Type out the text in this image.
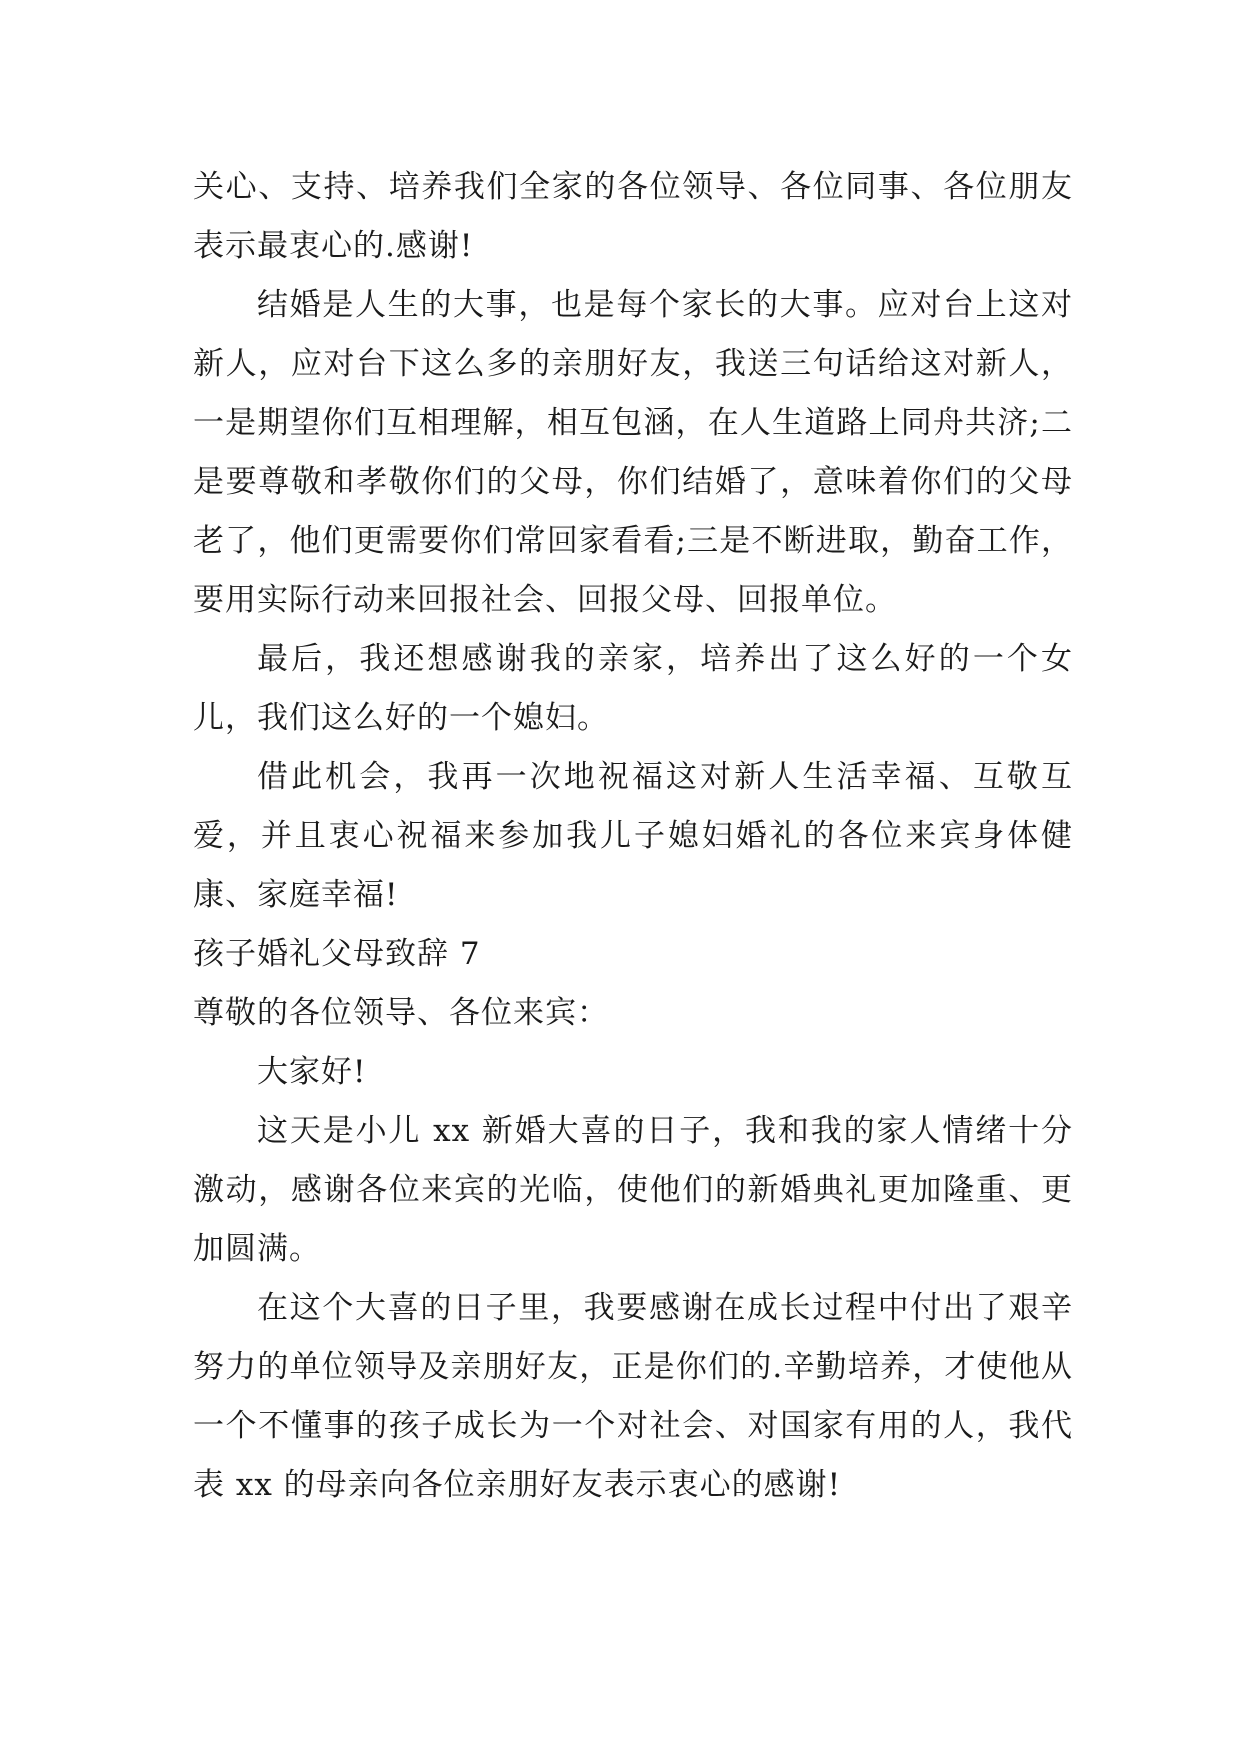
关心、支持、培养我们全家的各位领导、各位同事、各位朋友表示最衷心的.感谢!

结婚是人生的大事，也是每个家长的大事。应对台上这对新人，应对台下这么多的亲朋好友，我送三句话给这对新人，一是期望你们互相理解，相互包涵，在人生道路上同舟共济;二是要尊敬和孝敬你们的父母，你们结婚了，意味着你们的父母老了，他们更需要你们常回家看看;三是不断进取，勤奋工作，要用实际行动来回报社会、回报父母、回报单位。

最后，我还想感谢我的亲家，培养出了这么好的一个女儿，我们这么好的一个媳妇。

借此机会，我再一次地祝福这对新人生活幸福、互敬互爱，并且衷心祝福来参加我儿子媳妇婚礼的各位来宾身体健康、家庭幸福!

孩子婚礼父母致辞 7

尊敬的各位领导、各位来宾：

大家好!

这天是小儿 xx 新婚大喜的日子，我和我的家人情绪十分激动，感谢各位来宾的光临，使他们的新婚典礼更加隆重、更加圆满。

在这个大喜的日子里，我要感谢在成长过程中付出了艰辛努力的单位领导及亲朋好友，正是你们的.辛勤培养，才使他从一个不懂事的孩子成长为一个对社会、对国家有用的人，我代表 xx 的母亲向各位亲朋好友表示衷心的感谢!
